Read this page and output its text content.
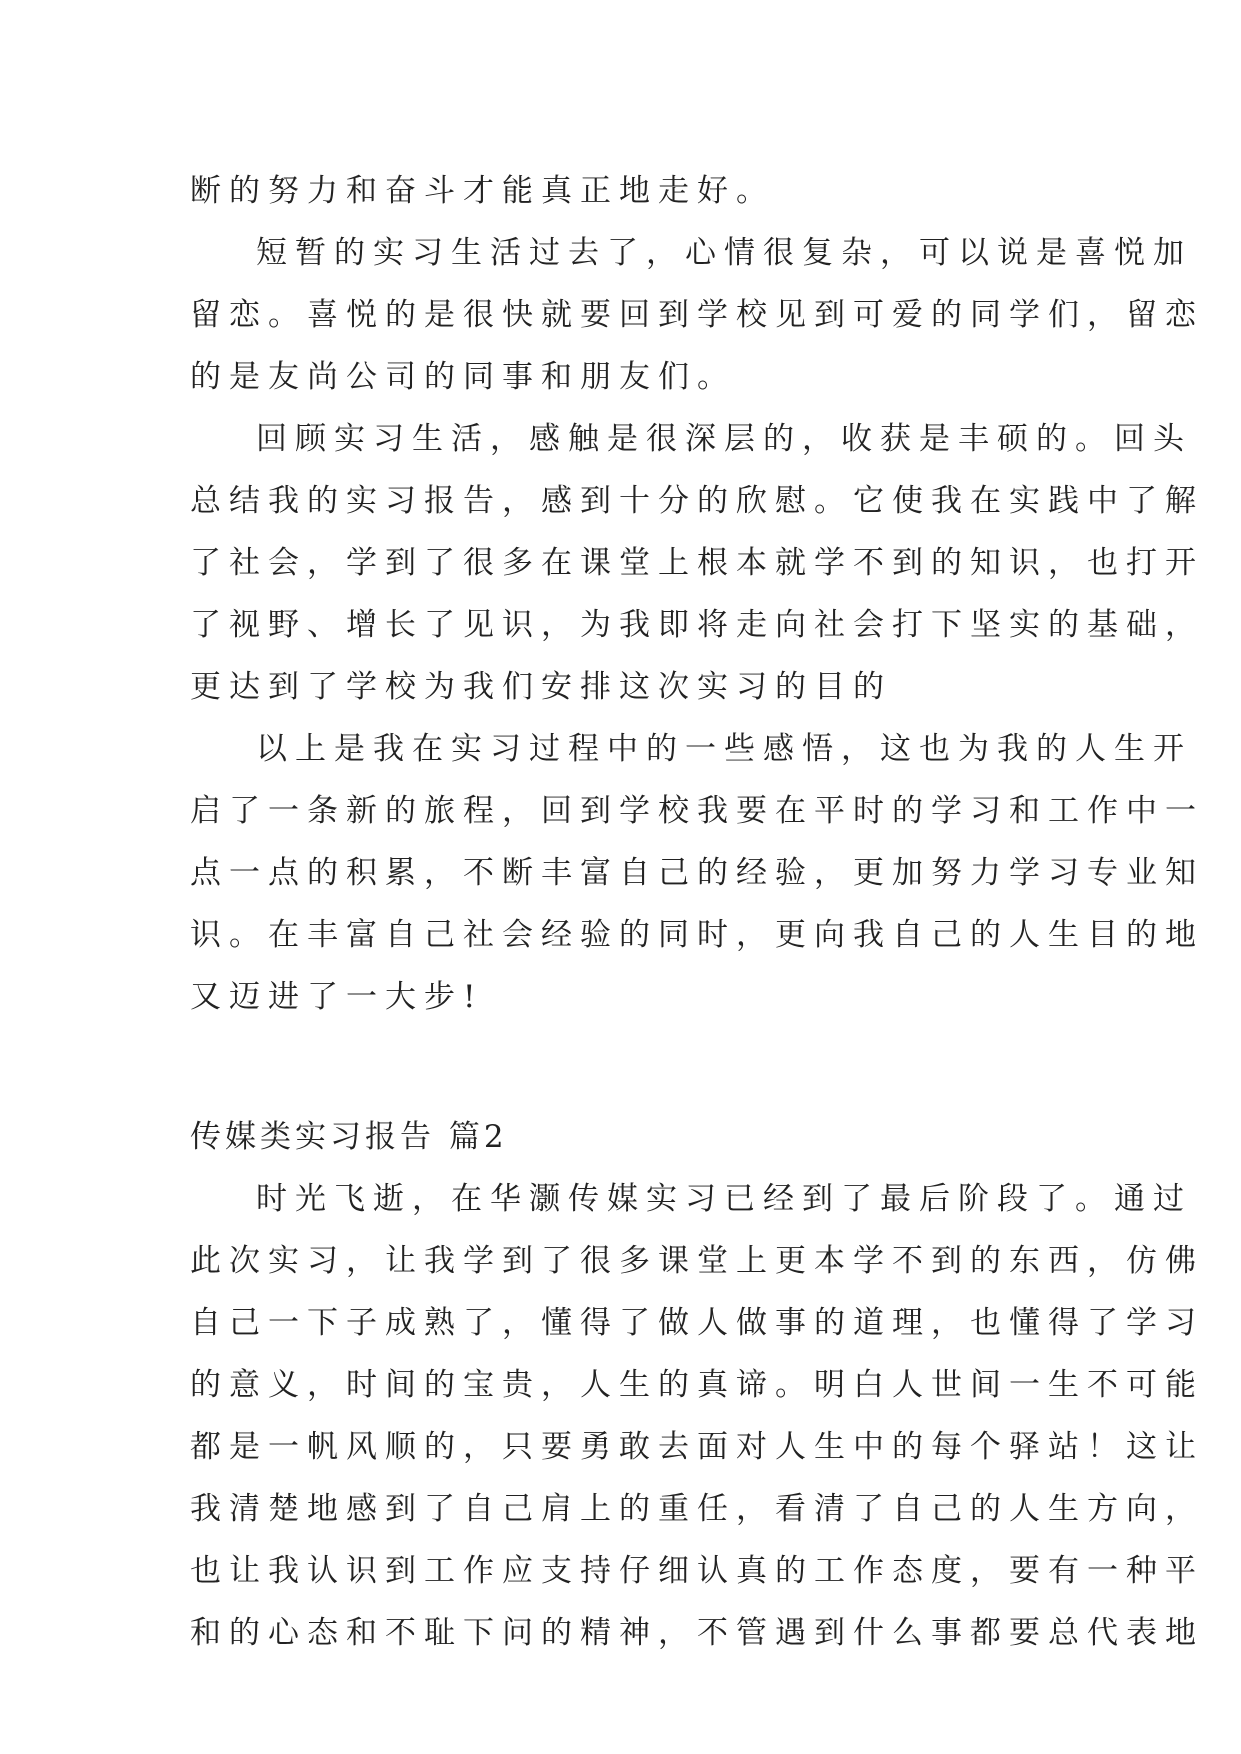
断的努力和奋斗才能真正地走好。
短暂的实习生活过去了，心情很复杂，可以说是喜悦加
留恋。喜悦的是很快就要回到学校见到可爱的同学们，留恋
的是友尚公司的同事和朋友们。
回顾实习生活，感触是很深层的，收获是丰硕的。回头
总结我的实习报告，感到十分的欣慰。它使我在实践中了解
了社会，学到了很多在课堂上根本就学不到的知识，也打开
了视野、增长了见识，为我即将走向社会打下坚实的基础，
更达到了学校为我们安排这次实习的目的
以上是我在实习过程中的一些感悟，这也为我的人生开
启了一条新的旅程，回到学校我要在平时的学习和工作中一
点一点的积累，不断丰富自己的经验，更加努力学习专业知
识。在丰富自己社会经验的同时，更向我自己的人生目的地
又迈进了一大步!
传媒类实习报告 篇2
时光飞逝，在华灏传媒实习已经到了最后阶段了。通过
此次实习，让我学到了很多课堂上更本学不到的东西，仿佛
自己一下子成熟了，懂得了做人做事的道理，也懂得了学习
的意义，时间的宝贵，人生的真谛。明白人世间一生不可能
都是一帆风顺的，只要勇敢去面对人生中的每个驿站！这让
我清楚地感到了自己肩上的重任，看清了自己的人生方向，
也让我认识到工作应支持仔细认真的工作态度，要有一种平
和的心态和不耻下问的精神，不管遇到什么事都要总代表地
